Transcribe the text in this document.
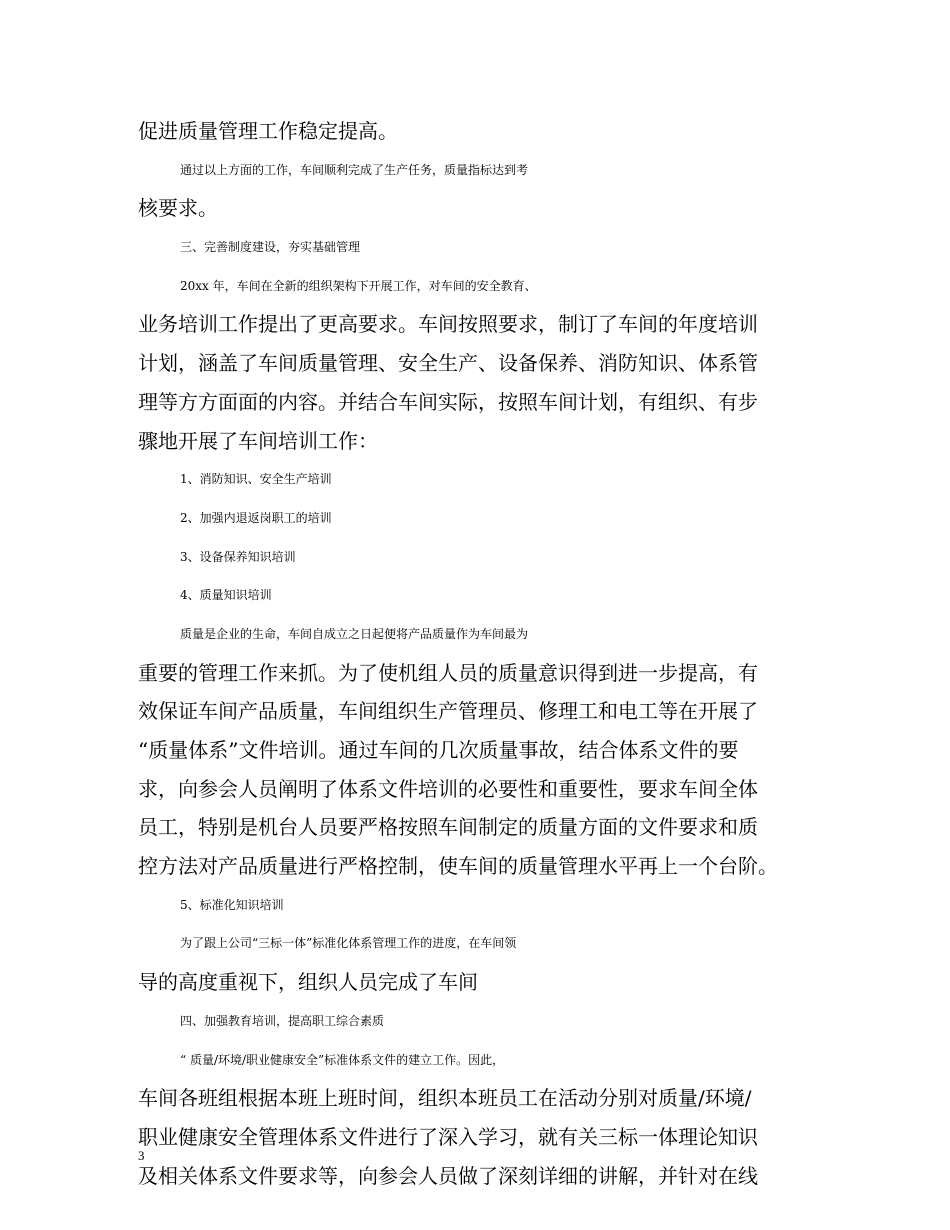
促进质量管理工作稳定提高。
通过以上方面的工作，车间顺利完成了生产任务，质量指标达到考
核要求。
三、完善制度建设，夯实基础管理
20xx 年，车间在全新的组织架构下开展工作，对车间的安全教育、
业务培训工作提出了更高要求。车间按照要求，制订了车间的年度培训
计划，涵盖了车间质量管理、安全生产、设备保养、消防知识、体系管
理等方方面面的内容。并结合车间实际，按照车间计划，有组织、有步
骤地开展了车间培训工作：
1、消防知识、安全生产培训
2、加强内退返岗职工的培训
3、设备保养知识培训
4、质量知识培训
质量是企业的生命，车间自成立之日起便将产品质量作为车间最为
重要的管理工作来抓。为了使机组人员的质量意识得到进一步提高，有
效保证车间产品质量，车间组织生产管理员、修理工和电工等在开展了
“质量体系”文件培训。通过车间的几次质量事故，结合体系文件的要
求，向参会人员阐明了体系文件培训的必要性和重要性，要求车间全体
员工，特别是机台人员要严格按照车间制定的质量方面的文件要求和质
控方法对产品质量进行严格控制，使车间的质量管理水平再上一个台阶。
5、标准化知识培训
为了跟上公司“三标一体”标准化体系管理工作的进度，在车间领
导的高度重视下，组织人员完成了车间
四、加强教育培训，提高职工综合素质
“ 质量/环境/职业健康安全”标准体系文件的建立工作。因此，
车间各班组根据本班上班时间，组织本班员工在活动分别对质量/环境/
职业健康安全管理体系文件进行了深入学习，就有关三标一体理论知识
及相关体系文件要求等，向参会人员做了深刻详细的讲解，并针对在线
3
